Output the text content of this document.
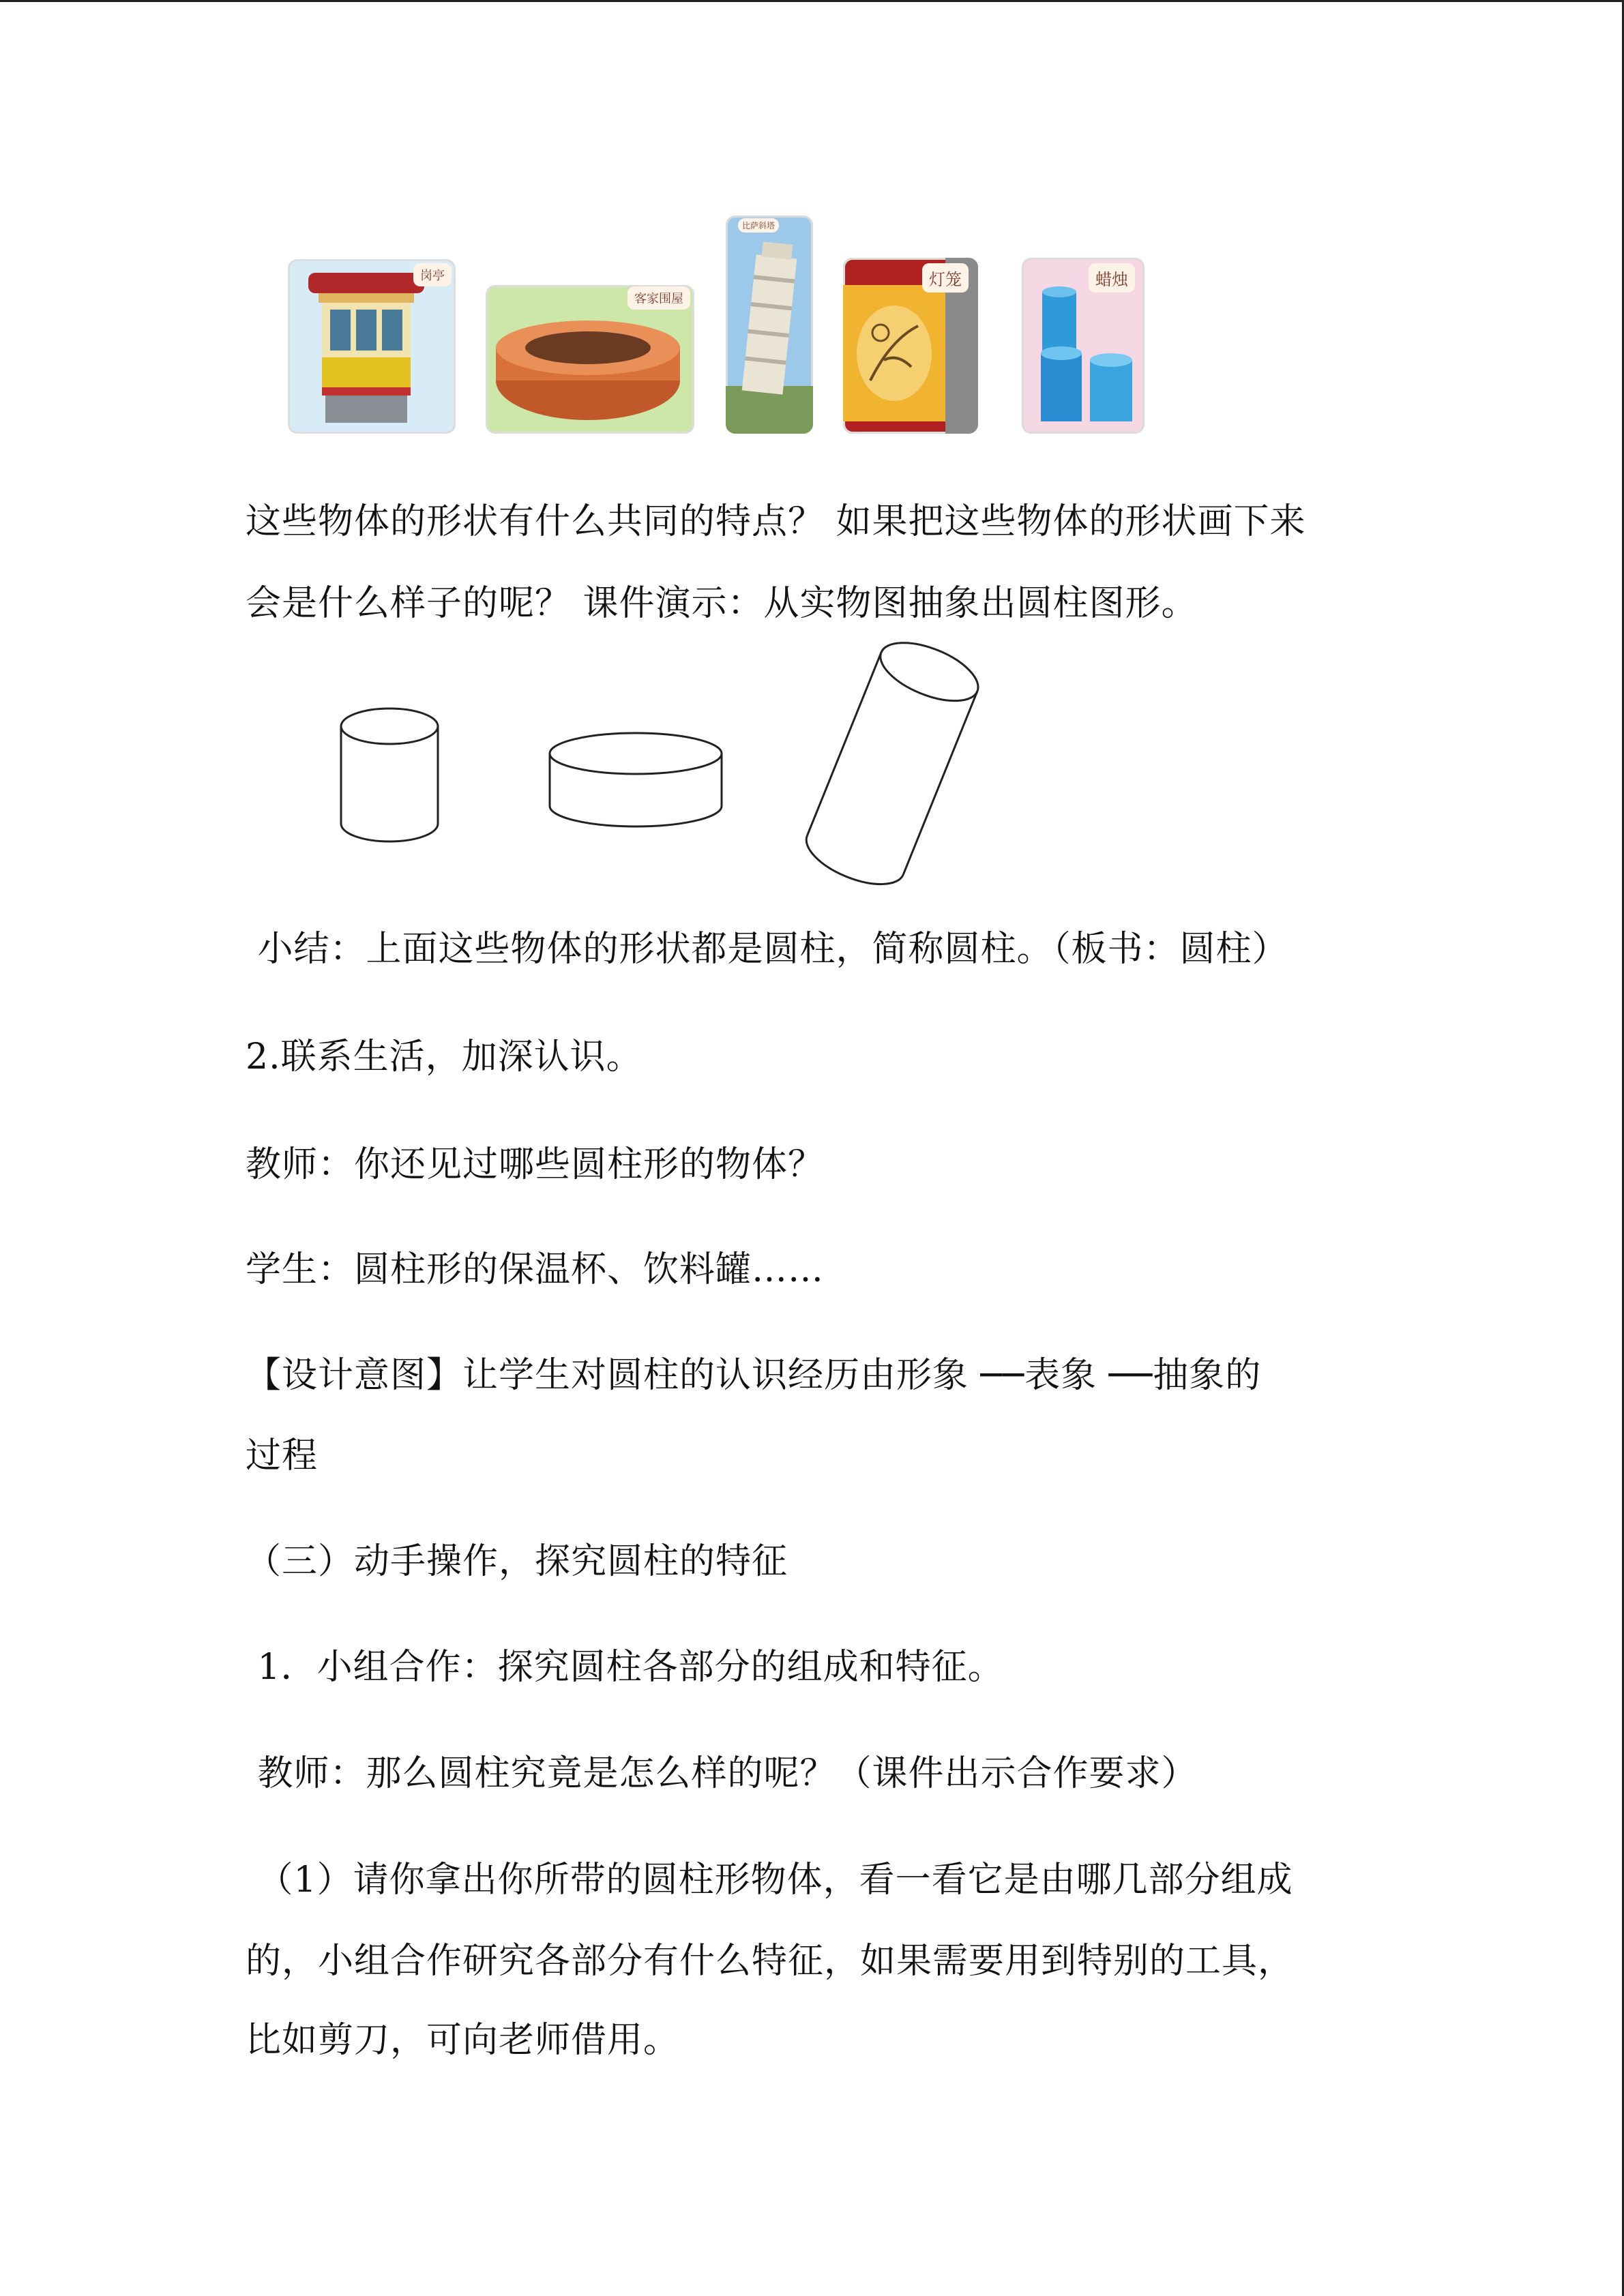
岗亭
客家围屋
比萨斜塔
灯笼	蜡烛
这些物体的形状有什么共同的特点？ 如果把这些物体的形状画下来
会是什么样子的呢？ 课件演示：从实物图抽象出圆柱图形。
小结：上面这些物体的形状都是圆柱，简称圆柱。（板书：圆柱）
2.联系生活，加深认识。
教师：你还见过哪些圆柱形的物体？
学生：圆柱形的保温杯、饮料罐……
【设计意图】让学生对圆柱的认识经历由形象 ──表象 ──抽象的
过程
（三）动手操作，探究圆柱的特征
1．小组合作：探究圆柱各部分的组成和特征。
教师：那么圆柱究竟是怎么样的呢？（课件出示合作要求）
（1）请你拿出你所带的圆柱形物体，看一看它是由哪几部分组成
的，小组合作研究各部分有什么特征，如果需要用到特别的工具，
比如剪刀，可向老师借用。
